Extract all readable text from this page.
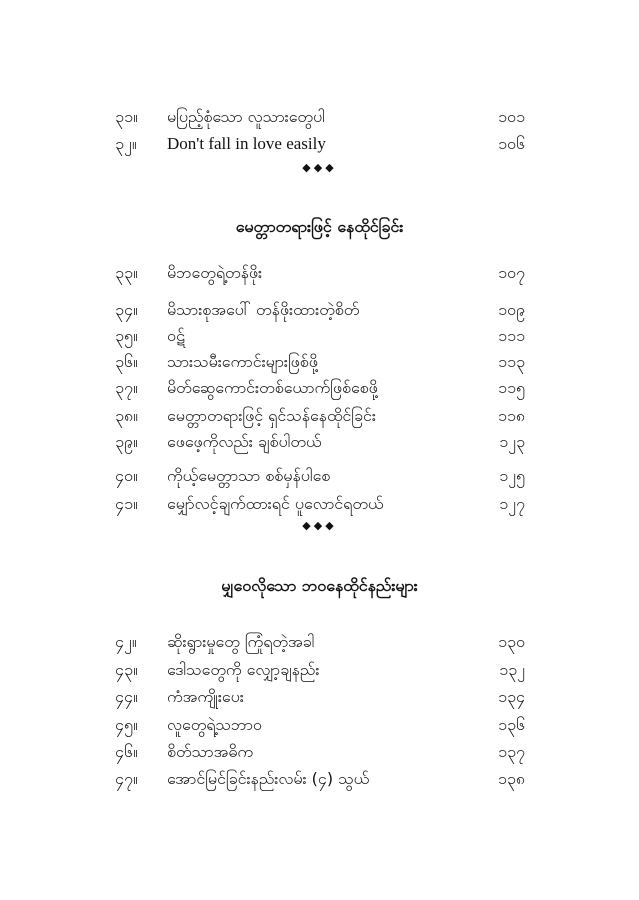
၃၁။ မပြည့်စုံသော လူသားတွေပါ	၁၀၁
၃၂။ Don't fall in love easily	၁၀၆
◆◆◆
မေတ္တာတရားဖြင့် နေထိုင်ခြင်း
၃၃။ မိဘတွေရဲ့တန်ဖိုး	၁၀၇
၃၄။ မိသားစုအပေါ် တန်ဖိုးထားတဲ့စိတ်	၁၀၉
၃၅။ ဝဋ်	၁၁၁
၃၆။ သားသမီးကောင်းများဖြစ်ဖို့	၁၁၃
၃၇။ မိတ်ဆွေကောင်းတစ်ယောက်ဖြစ်စေဖို့	၁၁၅
၃၈။ မေတ္တာတရားဖြင့် ရှင်သန်နေထိုင်ခြင်း	၁၁၈
၃၉။ ဖေဖေ့ကိုလည်း ချစ်ပါတယ်	၁၂၃
၄၀။ ကိုယ့်မေတ္တာသာ စစ်မှန်ပါစေ	၁၂၅
၄၁။ မျှော်လင့်ချက်ထားရင် ပူလောင်ရတယ်	၁၂၇
◆◆◆
မျှဝေလိုသော ဘဝနေထိုင်နည်းများ
၄၂။ ဆိုးရွားမှုတွေ ကြုံရတဲ့အခါ	၁၃၀
၄၃။ ဒေါသတွေကို လျှော့ချနည်း	၁၃၂
၄၄။ ကံအကျိုးပေး	၁၃၄
၄၅။ လူတွေရဲ့သဘာဝ	၁၃၆
၄၆။ စိတ်သာအဓိက	၁၃၇
၄၇။ အောင်မြင်ခြင်းနည်းလမ်း (၄) သွယ်	၁၃၈
